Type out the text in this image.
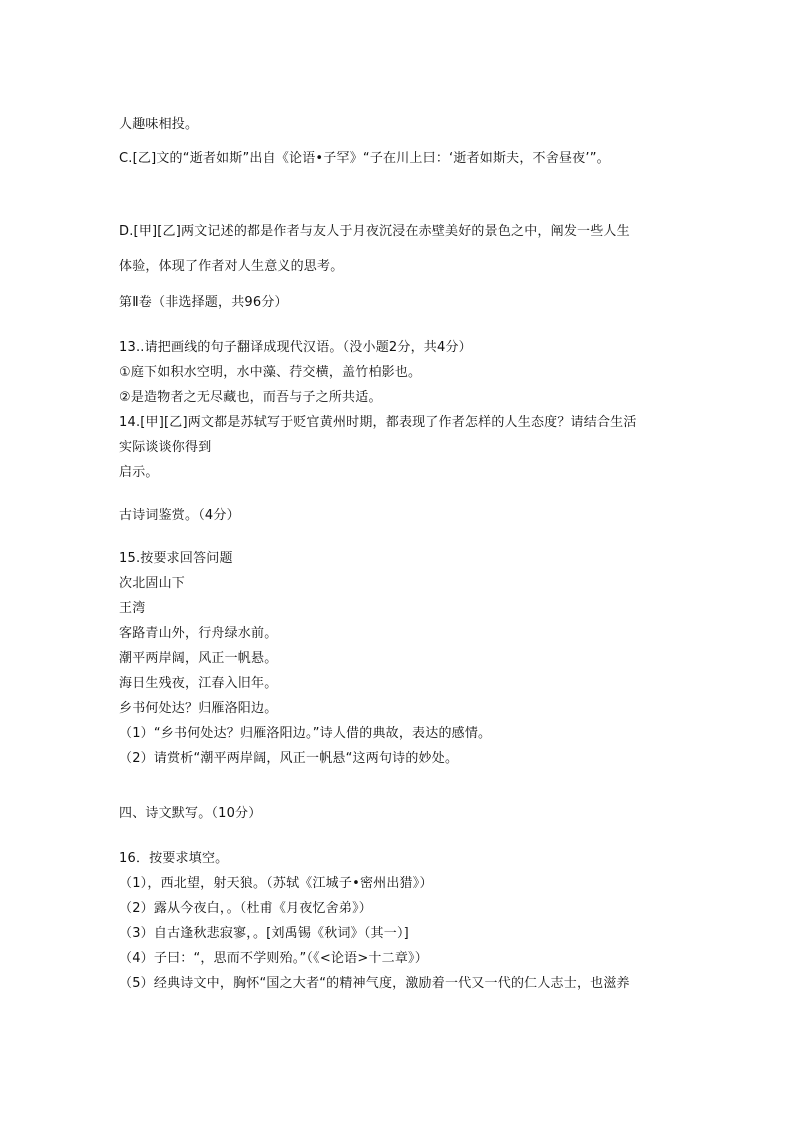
人趣味相投。
C.[乙]文的“逝者如斯”出自《论语•子罕》“子在川上曰：‘逝者如斯夫，不舍昼夜’”。
D.[甲][乙]两文记述的都是作者与友人于月夜沉浸在赤壁美好的景色之中，阐发一些人生
体验，体现了作者对人生意义的思考。
第Ⅱ卷（非选择题，共96分）
13..请把画线的句子翻译成现代汉语。（没小题2分，共4分）
①庭下如积水空明，水中藻、荇交横，盖竹柏影也。
②是造物者之无尽藏也，而吾与子之所共适。
14.[甲][乙]两文都是苏轼写于贬官黄州时期，都表现了作者怎样的人生态度？请结合生活
实际谈谈你得到
启示。
古诗词鉴赏。（4分）
15.按要求回答问题
次北固山下
王湾
客路青山外，行舟绿水前。
潮平两岸阔，风正一帆悬。
海日生残夜，江春入旧年。
乡书何处达？归雁洛阳边。
（1）“乡书何处达？归雁洛阳边。”诗人借的典故，表达的感情。
（2）请赏析“潮平两岸阔，风正一帆悬“这两句诗的妙处。
四、诗文默写。（10分）
16．按要求填空。
（1），西北望，射天狼。（苏轼《江城子•密州出猎》）
（2）露从今夜白，。（杜甫《月夜忆舍弟》）
（3）自古逢秋悲寂寥，。[刘禹锡《秋词》（其一）]
（4）子曰：“，思而不学则殆。”（《<论语>十二章》）
（5）经典诗文中，胸怀“国之大者“的精神气度，激励着一代又一代的仁人志士，也滋养
